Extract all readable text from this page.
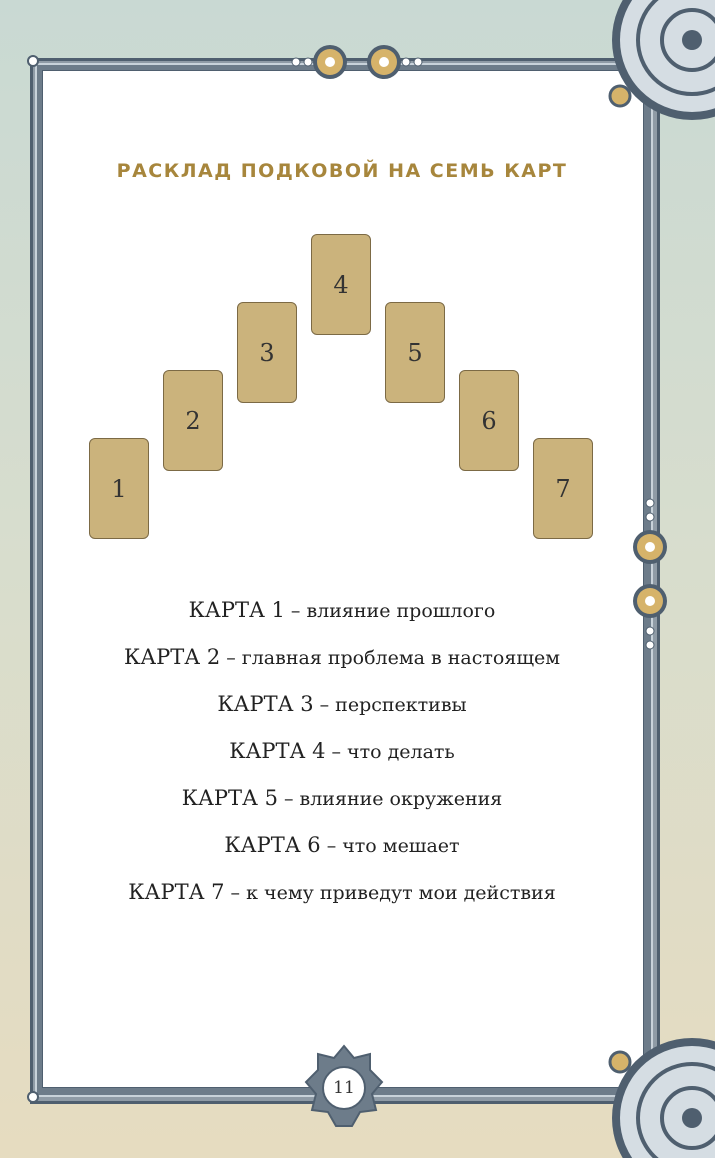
РАСКЛАД ПОДКОВОЙ НА СЕМЬ КАРТ
1
2
3
4
5
6
7
КАРТА 1 – влияние прошлого
КАРТА 2 – главная проблема в настоящем
КАРТА 3 – перспективы
КАРТА 4 – что делать
КАРТА 5 – влияние окружения
КАРТА 6 – что мешает
КАРТА 7 – к чему приведут мои действия
11
